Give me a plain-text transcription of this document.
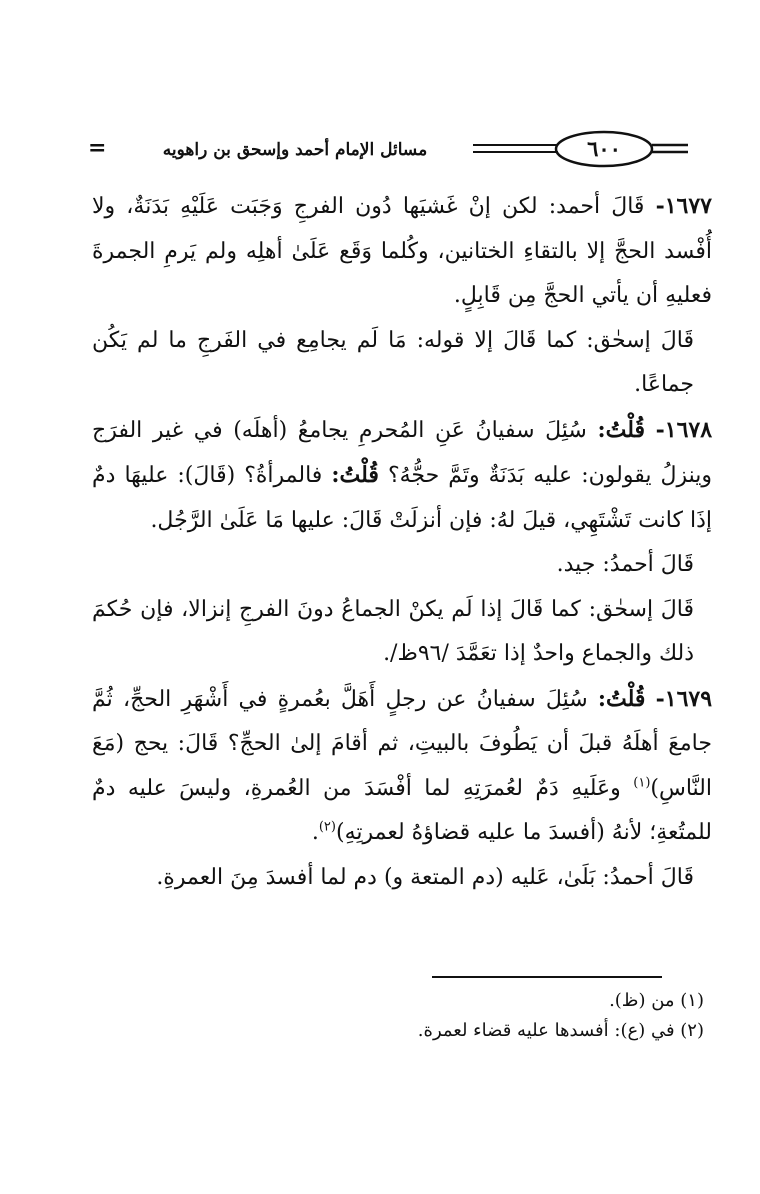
٦٠٠
مسائل الإمام أحمد وإسحق بن راهويه
=

١٦٧٧- قَالَ أحمد: لكن إنْ غَشيَها دُون الفرجِ وَجَبَت عَلَيْهِ بَدَنَةٌ، ولا أُفْسد الحجَّ إلا بالتقاءِ الختانين، وكُلما وَقَع عَلَىٰ أهلِه ولم يَرمِ الجمرةَ فعليهِ أن يأتي الحجَّ مِن قَابِلٍ.

قَالَ إسحٰق: كما قَالَ إلا قوله: مَا لَم يجامِع في الفَرجِ ما لم يَكُن جماعًا.

١٦٧٨- قُلْتُ: سُئِلَ سفيانُ عَنِ المُحرمِ يجامعُ (أهلَه) في غير الفرَج وينزلُ يقولون: عليه بَدَنَةٌ وتَمَّ حجُّهُ؟ قُلْتُ: فالمرأةُ؟ (قَالَ): عليهَا دمٌ إذَا كانت تَشْتَهِي، قيلَ لهُ: فإن أنزلَتْ قَالَ: عليها مَا عَلَىٰ الرَّجُل.

قَالَ أحمدُ: جيد.

قَالَ إسحٰق: كما قَالَ إذا لَم يكنْ الجماعُ دونَ الفرجِ إنزالا، فإن حُكمَ ذلك والجماع واحدٌ إذا تعَمَّدَ /٩٦ظ/.

١٦٧٩- قُلْتُ: سُئِلَ سفيانُ عن رجلٍ أَهَلَّ بعُمرةٍ في أَشْهَرِ الحجِّ، ثُمَّ جامعَ أهلَهُ قبلَ أن يَطُوفَ بالبيتِ، ثم أقامَ إلىٰ الحجِّ؟ قَالَ: يحج (مَعَ النَّاسِ)$^{(١)}$ وعَلَيهِ دَمٌ لعُمرَتِهِ لما أفْسَدَ من العُمرةِ، وليسَ عليه دمٌ للمتُعةِ؛ لأنهُ (أفسدَ ما عليه قضاؤهُ لعمرتِهِ)$^{(٢)}$.

قَالَ أحمدُ: بَلَىٰ، عَليه (دم المتعة و) دم لما أفسدَ مِنَ العمرةِ.

(١) من (ظ).

(٢) في (ع): أفسدها عليه قضاء لعمرة.
